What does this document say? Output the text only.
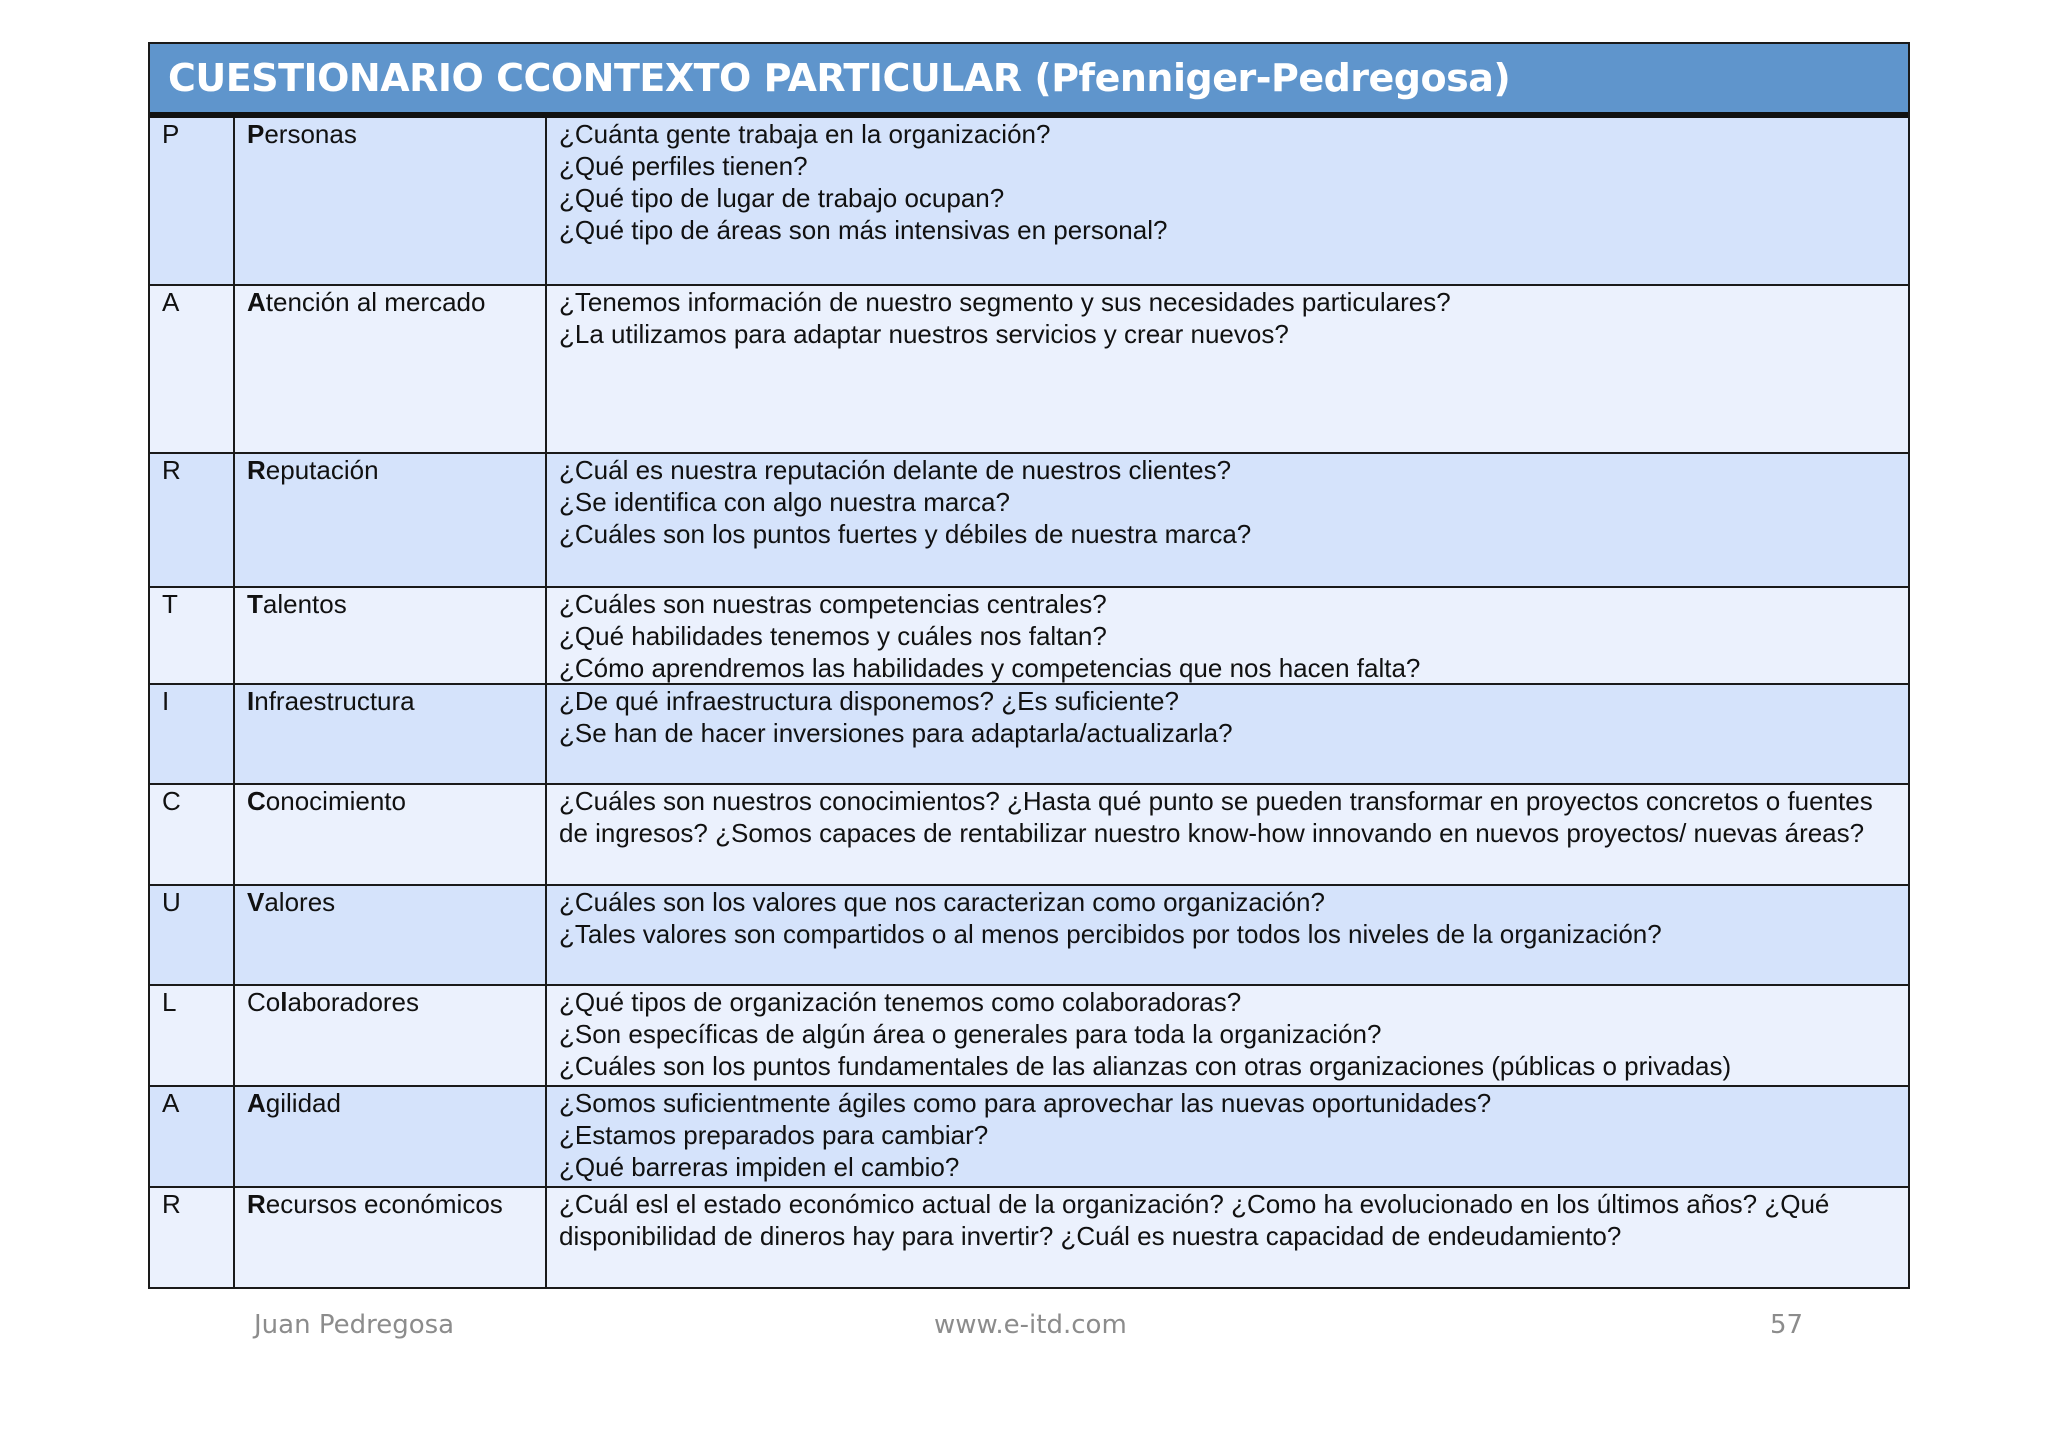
CUESTIONARIO CCONTEXTO PARTICULAR (Pfenniger-Pedregosa)
P	Personas	¿Cuánta gente trabaja en la organización?
¿Qué perfiles tienen?
¿Qué tipo de lugar de trabajo ocupan?
¿Qué tipo de áreas son más intensivas en personal?
A	Atención al mercado	¿Tenemos información de nuestro segmento y sus necesidades particulares?
¿La utilizamos para adaptar nuestros servicios y crear nuevos?
R	Reputación	¿Cuál es nuestra reputación delante de nuestros clientes?
¿Se identifica con algo nuestra marca?
¿Cuáles son los puntos fuertes y débiles de nuestra marca?
T	Talentos	¿Cuáles son nuestras competencias centrales?
¿Qué habilidades tenemos y cuáles nos faltan?
¿Cómo aprendremos las habilidades y competencias que nos hacen falta?
I	Infraestructura	¿De qué infraestructura disponemos? ¿Es suficiente?
¿Se han de hacer inversiones para adaptarla/actualizarla?
C	Conocimiento	¿Cuáles son nuestros conocimientos? ¿Hasta qué punto se pueden transformar en proyectos concretos o fuentes de ingresos? ¿Somos capaces de rentabilizar nuestro know-how innovando en nuevos proyectos/ nuevas áreas?
U	Valores	¿Cuáles son los valores que nos caracterizan como organización?
¿Tales valores son compartidos o al menos percibidos por todos los niveles de la organización?
L	Colaboradores	¿Qué tipos de organización tenemos como colaboradoras?
¿Son específicas de algún área o generales para toda la organización?
¿Cuáles son los puntos fundamentales de las alianzas con otras organizaciones (públicas o privadas)
A	Agilidad	¿Somos suficientmente ágiles como para aprovechar las nuevas oportunidades?
¿Estamos preparados para cambiar?
¿Qué barreras impiden el cambio?
R	Recursos económicos	¿Cuál esl el estado económico actual de la organización? ¿Como ha evolucionado en los últimos años? ¿Qué disponibilidad de dineros hay para invertir? ¿Cuál es nuestra capacidad de endeudamiento?
Juan Pedregosa	www.e-itd.com	57
